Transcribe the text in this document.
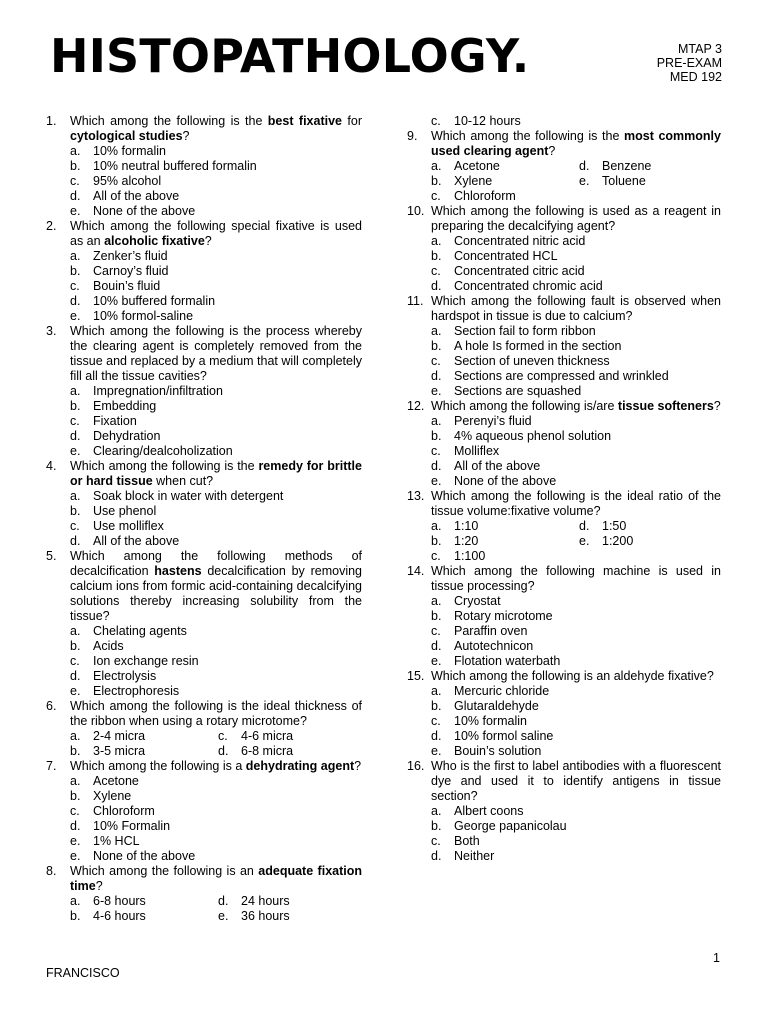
HISTOPATHOLOGY.	MTAP 3
PRE-EXAM
MED 192
1.	Which among the following is the best fixative for cytological studies?
a.	10% formalin
b.	10% neutral buffered formalin
c.	95% alcohol
d.	All of the above
e.	None of the above
2.	Which among the following special fixative is used as an alcoholic fixative?
a.	Zenker’s fluid
b.	Carnoy’s fluid
c.	Bouin’s fluid
d.	10% buffered formalin
e.	10% formol-saline
3.	Which among the following is the process whereby the clearing agent is completely removed from the tissue and replaced by a medium that will completely fill all the tissue cavities?
a.	Impregnation/infiltration
b.	Embedding
c.	Fixation
d.	Dehydration
e.	Clearing/dealcoholization
4.	Which among the following is the remedy for brittle or hard tissue when cut?
a.	Soak block in water with detergent
b.	Use phenol
c.	Use molliflex
d.	All of the above
5.	Which among the following methods of decalcification hastens decalcification by removing calcium ions from formic acid-containing decalcifying solutions thereby increasing solubility from the tissue?
a.	Chelating agents
b.	Acids
c.	Ion exchange resin
d.	Electrolysis
e.	Electrophoresis
6.	Which among the following is the ideal thickness of the ribbon when using a rotary microtome?
a.	2-4 micra	c.	4-6 micra
b.	3-5 micra	d.	6-8 micra
7.	Which among the following is a dehydrating agent?
a.	Acetone
b.	Xylene
c.	Chloroform
d.	10% Formalin
e.	1% HCL
e.	None of the above
8.	Which among the following is an adequate fixation time?
a.	6-8 hours	d.	24 hours
b.	4-6 hours	e.	36 hours
c.	10-12 hours
9.	Which among the following is the most commonly used clearing agent?
a.	Acetone	d.	Benzene
b.	Xylene	e.	Toluene
c.	Chloroform
10. Which among the following is used as a reagent in preparing the decalcifying agent?
a.	Concentrated nitric acid
b.	Concentrated HCL
c.	Concentrated citric acid
d.	Concentrated chromic acid
11. Which among the following fault is observed when hardspot in tissue is due to calcium?
a.	Section fail to form ribbon
b.	A hole Is formed in the section
c.	Section of uneven thickness
d.	Sections are compressed and wrinkled
e.	Sections are squashed
12. Which among the following is/are tissue softeners?
a.	Perenyi’s fluid
b.	4% aqueous phenol solution
c.	Molliflex
d.	All of the above
e.	None of the above
13. Which among the following is the ideal ratio of the tissue volume:fixative volume?
a.	1:10	d.	1:50
b.	1:20	e.	1:200
c.	1:100
14. Which among the following machine is used in tissue processing?
a.	Cryostat
b.	Rotary microtome
c.	Paraffin oven
d.	Autotechnicon
e.	Flotation waterbath
15. Which among the following is an aldehyde fixative?
a.	Mercuric chloride
b.	Glutaraldehyde
c.	10% formalin
d.	10% formol saline
e.	Bouin’s solution
16. Who is the first to label antibodies with a fluorescent dye and used it to identify antigens in tissue section?
a.	Albert coons
b.	George papanicolau
c.	Both
d.	Neither
1
FRANCISCO
